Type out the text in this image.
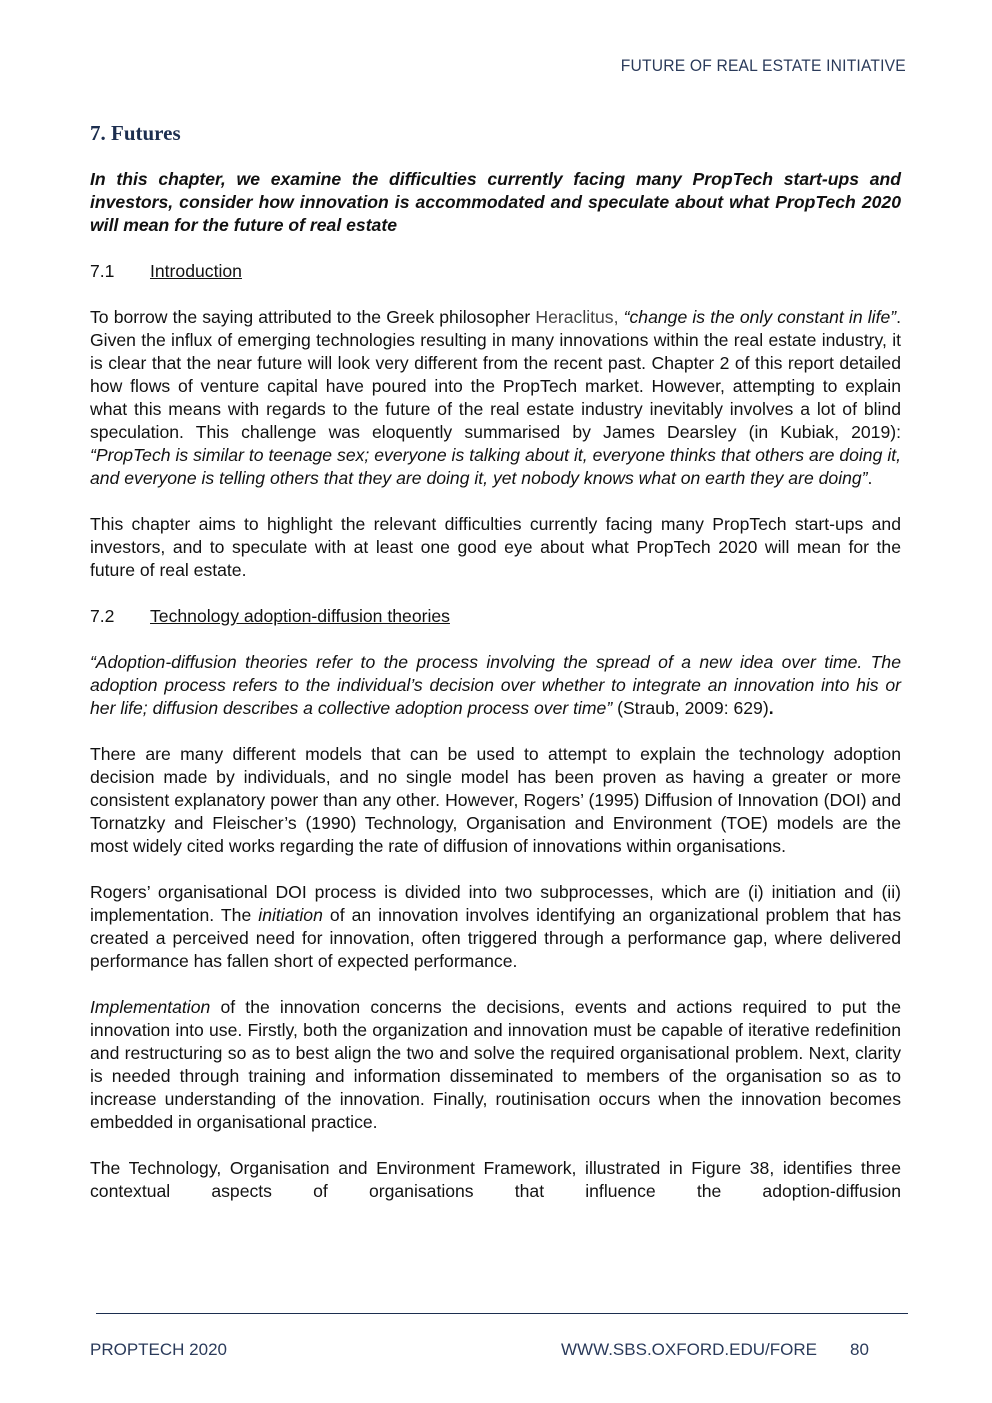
FUTURE OF REAL ESTATE INITIATIVE
7. Futures

In this chapter, we examine the difficulties currently facing many PropTech start-ups and investors, consider how innovation is accommodated and speculate about what PropTech 2020 will mean for the future of real estate

7.1 Introduction

To borrow the saying attributed to the Greek philosopher Heraclitus, “change is the only constant in life”. Given the influx of emerging technologies resulting in many innovations within the real estate industry, it is clear that the near future will look very different from the recent past. Chapter 2 of this report detailed how flows of venture capital have poured into the PropTech market. However, attempting to explain what this means with regards to the future of the real estate industry inevitably involves a lot of blind speculation. This challenge was eloquently summarised by James Dearsley (in Kubiak, 2019): “PropTech is similar to teenage sex; everyone is talking about it, everyone thinks that others are doing it, and everyone is telling others that they are doing it, yet nobody knows what on earth they are doing”.

This chapter aims to highlight the relevant difficulties currently facing many PropTech start-ups and investors, and to speculate with at least one good eye about what PropTech 2020 will mean for the future of real estate.

7.2 Technology adoption-diffusion theories

“Adoption-diffusion theories refer to the process involving the spread of a new idea over time. The adoption process refers to the individual’s decision over whether to integrate an innovation into his or her life; diffusion describes a collective adoption process over time” (Straub, 2009: 629).

There are many different models that can be used to attempt to explain the technology adoption decision made by individuals, and no single model has been proven as having a greater or more consistent explanatory power than any other. However, Rogers’ (1995) Diffusion of Innovation (DOI) and Tornatzky and Fleischer’s (1990) Technology, Organisation and Environment (TOE) models are the most widely cited works regarding the rate of diffusion of innovations within organisations.

Rogers’ organisational DOI process is divided into two subprocesses, which are (i) initiation and (ii) implementation. The initiation of an innovation involves identifying an organizational problem that has created a perceived need for innovation, often triggered through a performance gap, where delivered performance has fallen short of expected performance.

Implementation of the innovation concerns the decisions, events and actions required to put the innovation into use. Firstly, both the organization and innovation must be capable of iterative redefinition and restructuring so as to best align the two and solve the required organisational problem. Next, clarity is needed through training and information disseminated to members of the organisation so as to increase understanding of the innovation. Finally, routinisation occurs when the innovation becomes embedded in organisational practice.

The Technology, Organisation and Environment Framework, illustrated in Figure 38, identifies three contextual aspects of organisations that influence the adoption-diffusion

PROPTECH 2020	WWW.SBS.OXFORD.EDU/FORE 80
